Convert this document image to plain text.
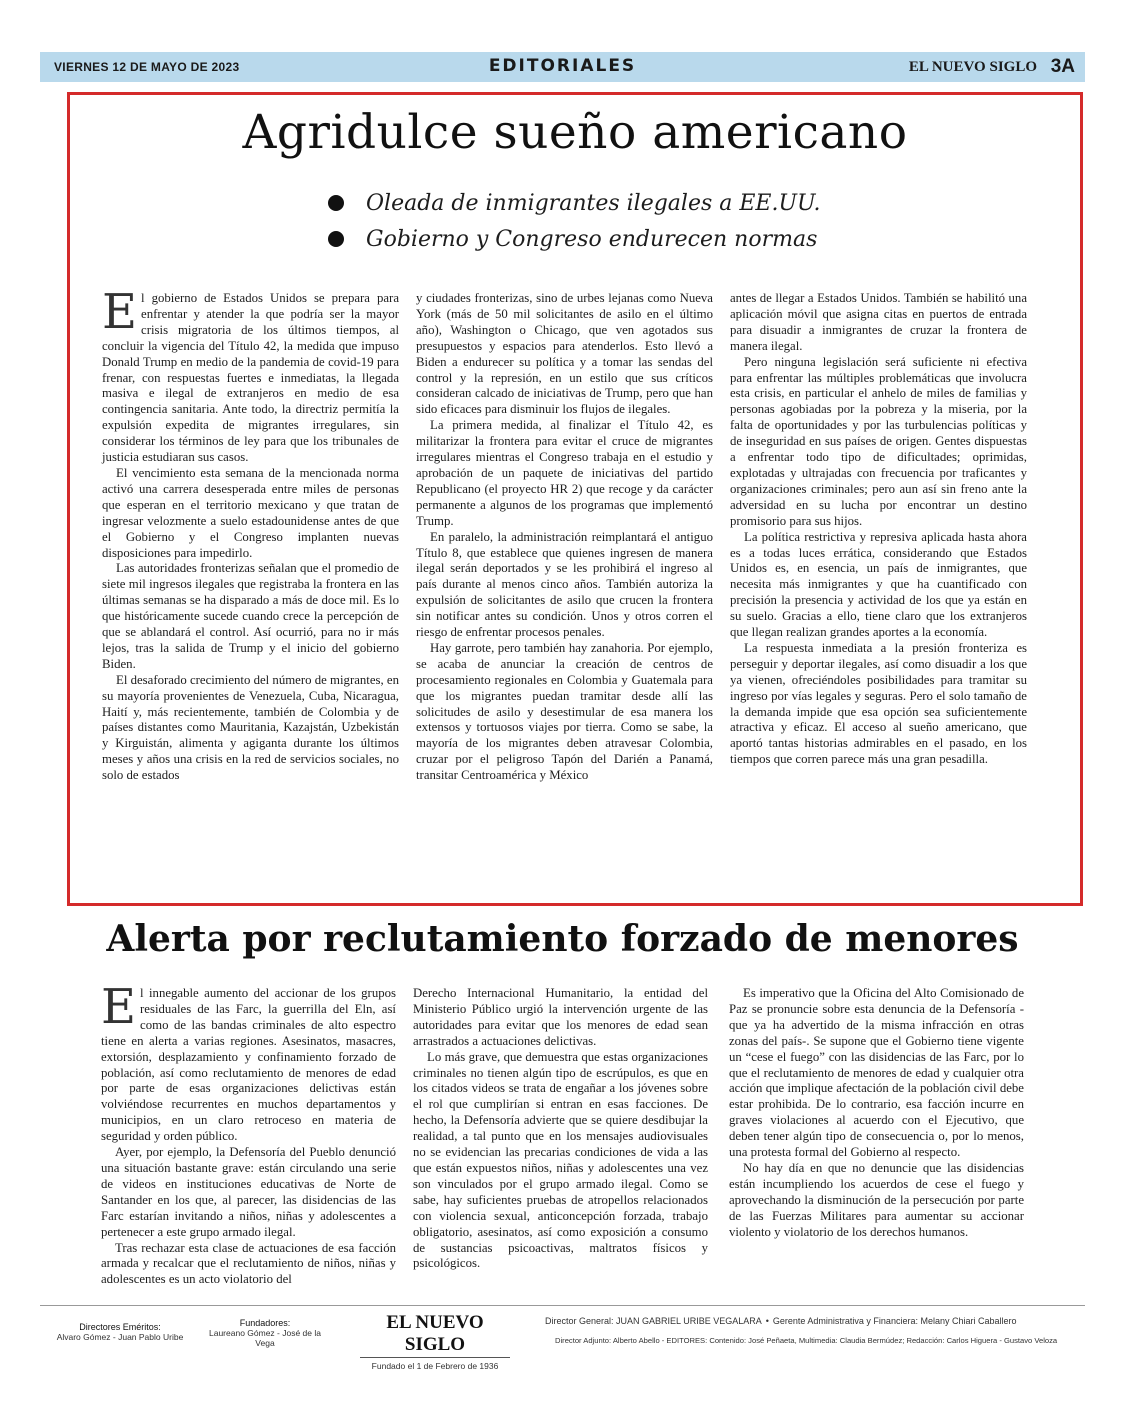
VIERNES 12 DE MAYO DE 2023	EDITORIALES	EL NUEVO SIGLO 3A
Agridulce sueño americano
Oleada de inmigrantes ilegales a EE.UU.
Gobierno y Congreso endurecen normas

El gobierno de Estados Unidos se prepara para enfrentar y atender la que podría ser la mayor crisis migratoria de los últimos tiempos, al concluir la vigencia del Título 42, la medida que impuso Donald Trump en medio de la pandemia de covid-19 para frenar, con respuestas fuertes e inmediatas, la llegada masiva e ilegal de extranjeros en medio de esa contingencia sanitaria. Ante todo, la directriz permitía la expulsión expedita de migrantes irregulares, sin considerar los términos de ley para que los tribunales de justicia estudiaran sus casos.

El vencimiento esta semana de la mencionada norma activó una carrera desesperada entre miles de personas que esperan en el territorio mexicano y que tratan de ingresar velozmente a suelo estadounidense antes de que el Gobierno y el Congreso implanten nuevas disposiciones para impedirlo.

Las autoridades fronterizas señalan que el promedio de siete mil ingresos ilegales que registraba la frontera en las últimas semanas se ha disparado a más de doce mil. Es lo que históricamente sucede cuando crece la percepción de que se ablandará el control. Así ocurrió, para no ir más lejos, tras la salida de Trump y el inicio del gobierno Biden.

El desaforado crecimiento del número de migrantes, en su mayoría provenientes de Venezuela, Cuba, Nicaragua, Haití y, más recientemente, también de Colombia y de países distantes como Mauritania, Kazajstán, Uzbekistán y Kirguistán, alimenta y agiganta durante los últimos meses y años una crisis en la red de servicios sociales, no solo de estados

y ciudades fronterizas, sino de urbes lejanas como Nueva York (más de 50 mil solicitantes de asilo en el último año), Washington o Chicago, que ven agotados sus presupuestos y espacios para atenderlos. Esto llevó a Biden a endurecer su política y a tomar las sendas del control y la represión, en un estilo que sus críticos consideran calcado de iniciativas de Trump, pero que han sido eficaces para disminuir los flujos de ilegales.

La primera medida, al finalizar el Título 42, es militarizar la frontera para evitar el cruce de migrantes irregulares mientras el Congreso trabaja en el estudio y aprobación de un paquete de iniciativas del partido Republicano (el proyecto HR 2) que recoge y da carácter permanente a algunos de los programas que implementó Trump.

En paralelo, la administración reimplantará el antiguo Título 8, que establece que quienes ingresen de manera ilegal serán deportados y se les prohibirá el ingreso al país durante al menos cinco años. También autoriza la expulsión de solicitantes de asilo que crucen la frontera sin notificar antes su condición. Unos y otros corren el riesgo de enfrentar procesos penales.

Hay garrote, pero también hay zanahoria. Por ejemplo, se acaba de anunciar la creación de centros de procesamiento regionales en Colombia y Guatemala para que los migrantes puedan tramitar desde allí las solicitudes de asilo y desestimular de esa manera los extensos y tortuosos viajes por tierra. Como se sabe, la mayoría de los migrantes deben atravesar Colombia, cruzar por el peligroso Tapón del Darién a Panamá, transitar Centroamérica y México

antes de llegar a Estados Unidos. También se habilitó una aplicación móvil que asigna citas en puertos de entrada para disuadir a inmigrantes de cruzar la frontera de manera ilegal.

Pero ninguna legislación será suficiente ni efectiva para enfrentar las múltiples problemáticas que involucra esta crisis, en particular el anhelo de miles de familias y personas agobiadas por la pobreza y la miseria, por la falta de oportunidades y por las turbulencias políticas y de inseguridad en sus países de origen. Gentes dispuestas a enfrentar todo tipo de dificultades; oprimidas, explotadas y ultrajadas con frecuencia por traficantes y organizaciones criminales; pero aun así sin freno ante la adversidad en su lucha por encontrar un destino promisorio para sus hijos.

La política restrictiva y represiva aplicada hasta ahora es a todas luces errática, considerando que Estados Unidos es, en esencia, un país de inmigrantes, que necesita más inmigrantes y que ha cuantificado con precisión la presencia y actividad de los que ya están en su suelo. Gracias a ello, tiene claro que los extranjeros que llegan realizan grandes aportes a la economía.

La respuesta inmediata a la presión fronteriza es perseguir y deportar ilegales, así como disuadir a los que ya vienen, ofreciéndoles posibilidades para tramitar su ingreso por vías legales y seguras. Pero el solo tamaño de la demanda impide que esa opción sea suficientemente atractiva y eficaz. El acceso al sueño americano, que aportó tantas historias admirables en el pasado, en los tiempos que corren parece más una gran pesadilla.

Alerta por reclutamiento forzado de menores

El innegable aumento del accionar de los grupos residuales de las Farc, la guerrilla del Eln, así como de las bandas criminales de alto espectro tiene en alerta a varias regiones. Asesinatos, masacres, extorsión, desplazamiento y confinamiento forzado de población, así como reclutamiento de menores de edad por parte de esas organizaciones delictivas están volviéndose recurrentes en muchos departamentos y municipios, en un claro retroceso en materia de seguridad y orden público.

Ayer, por ejemplo, la Defensoría del Pueblo denunció una situación bastante grave: están circulando una serie de videos en instituciones educativas de Norte de Santander en los que, al parecer, las disidencias de las Farc estarían invitando a niños, niñas y adolescentes a pertenecer a este grupo armado ilegal.

Tras rechazar esta clase de actuaciones de esa facción armada y recalcar que el reclutamiento de niños, niñas y adolescentes es un acto violatorio del

Derecho Internacional Humanitario, la entidad del Ministerio Público urgió la intervención urgente de las autoridades para evitar que los menores de edad sean arrastrados a actuaciones delictivas.

Lo más grave, que demuestra que estas organizaciones criminales no tienen algún tipo de escrúpulos, es que en los citados videos se trata de engañar a los jóvenes sobre el rol que cumplirían si entran en esas facciones. De hecho, la Defensoría advierte que se quiere desdibujar la realidad, a tal punto que en los mensajes audiovisuales no se evidencian las precarias condiciones de vida a las que están expuestos niños, niñas y adolescentes una vez son vinculados por el grupo armado ilegal. Como se sabe, hay suficientes pruebas de atropellos relacionados con violencia sexual, anticoncepción forzada, trabajo obligatorio, asesinatos, así como exposición a consumo de sustancias psicoactivas, maltratos físicos y psicológicos.

Es imperativo que la Oficina del Alto Comisionado de Paz se pronuncie sobre esta denuncia de la Defensoría -que ya ha advertido de la misma infracción en otras zonas del país-. Se supone que el Gobierno tiene vigente un “cese el fuego” con las disidencias de las Farc, por lo que el reclutamiento de menores de edad y cualquier otra acción que implique afectación de la población civil debe estar prohibida. De lo contrario, esa facción incurre en graves violaciones al acuerdo con el Ejecutivo, que deben tener algún tipo de consecuencia o, por lo menos, una protesta formal del Gobierno al respecto.

No hay día en que no denuncie que las disidencias están incumpliendo los acuerdos de cese el fuego y aprovechando la disminución de la persecución por parte de las Fuerzas Militares para aumentar su accionar violento y violatorio de los derechos humanos.

Directores Eméritos:
Alvaro Gómez - Juan Pablo Uribe
Fundadores:
Laureano Gómez - José de la Vega
EL NUEVO SIGLO
Fundado el 1 de Febrero de 1936
Director General: JUAN GABRIEL URIBE VEGALARA • Gerente Administrativa y Financiera: Melany Chiari Caballero
Director Adjunto: Alberto Abello - EDITORES: Contenido: José Peñaeta, Multimedia: Claudia Bermúdez; Redacción: Carlos Higuera - Gustavo Veloza
